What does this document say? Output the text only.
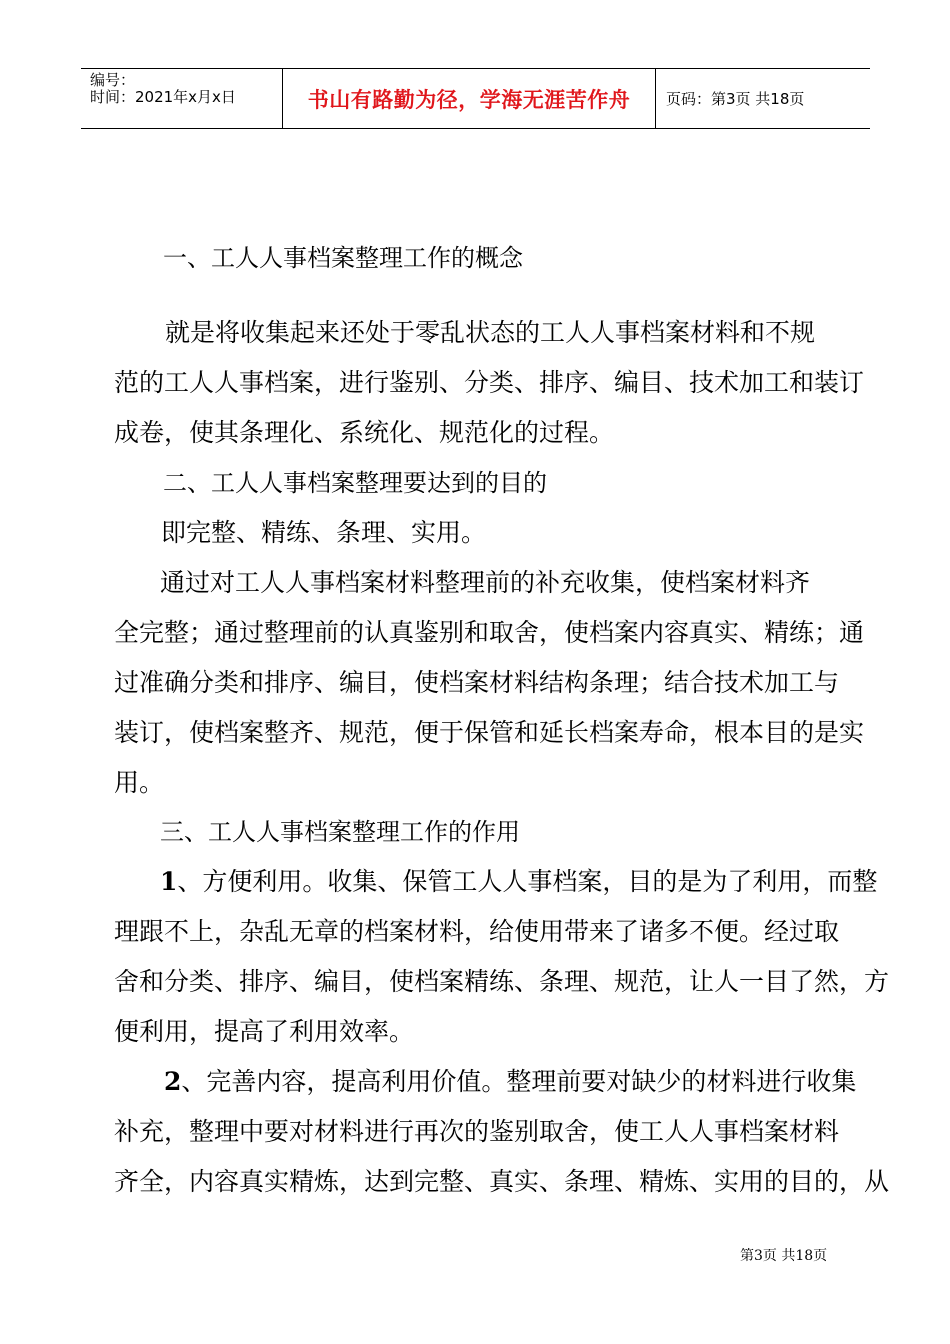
编号：
时间：2021年x月x日	书山有路勤为径，学海无涯苦作舟 页码：第3页 共18页
一、工人人事档案整理工作的概念
就是将收集起来还处于零乱状态的工人人事档案材料和不规
范的工人人事档案，进行鉴别、分类、排序、编目、技术加工和装订
成卷，使其条理化、系统化、规范化的过程。
二、工人人事档案整理要达到的目的
即完整、精练、条理、实用。
通过对工人人事档案材料整理前的补充收集，使档案材料齐
全完整；通过整理前的认真鉴别和取舍，使档案内容真实、精练；通
过准确分类和排序、编目，使档案材料结构条理；结合技术加工与
装订，使档案整齐、规范，便于保管和延长档案寿命，根本目的是实
用。
三、工人人事档案整理工作的作用
1、方便利用。收集、保管工人人事档案，目的是为了利用，而整
理跟不上，杂乱无章的档案材料，给使用带来了诸多不便。经过取
舍和分类、排序、编目，使档案精练、条理、规范，让人一目了然，方
便利用，提高了利用效率。
2、完善内容，提高利用价值。整理前要对缺少的材料进行收集
补充，整理中要对材料进行再次的鉴别取舍，使工人人事档案材料
齐全，内容真实精炼，达到完整、真实、条理、精炼、实用的目的，从
第3页 共18页
